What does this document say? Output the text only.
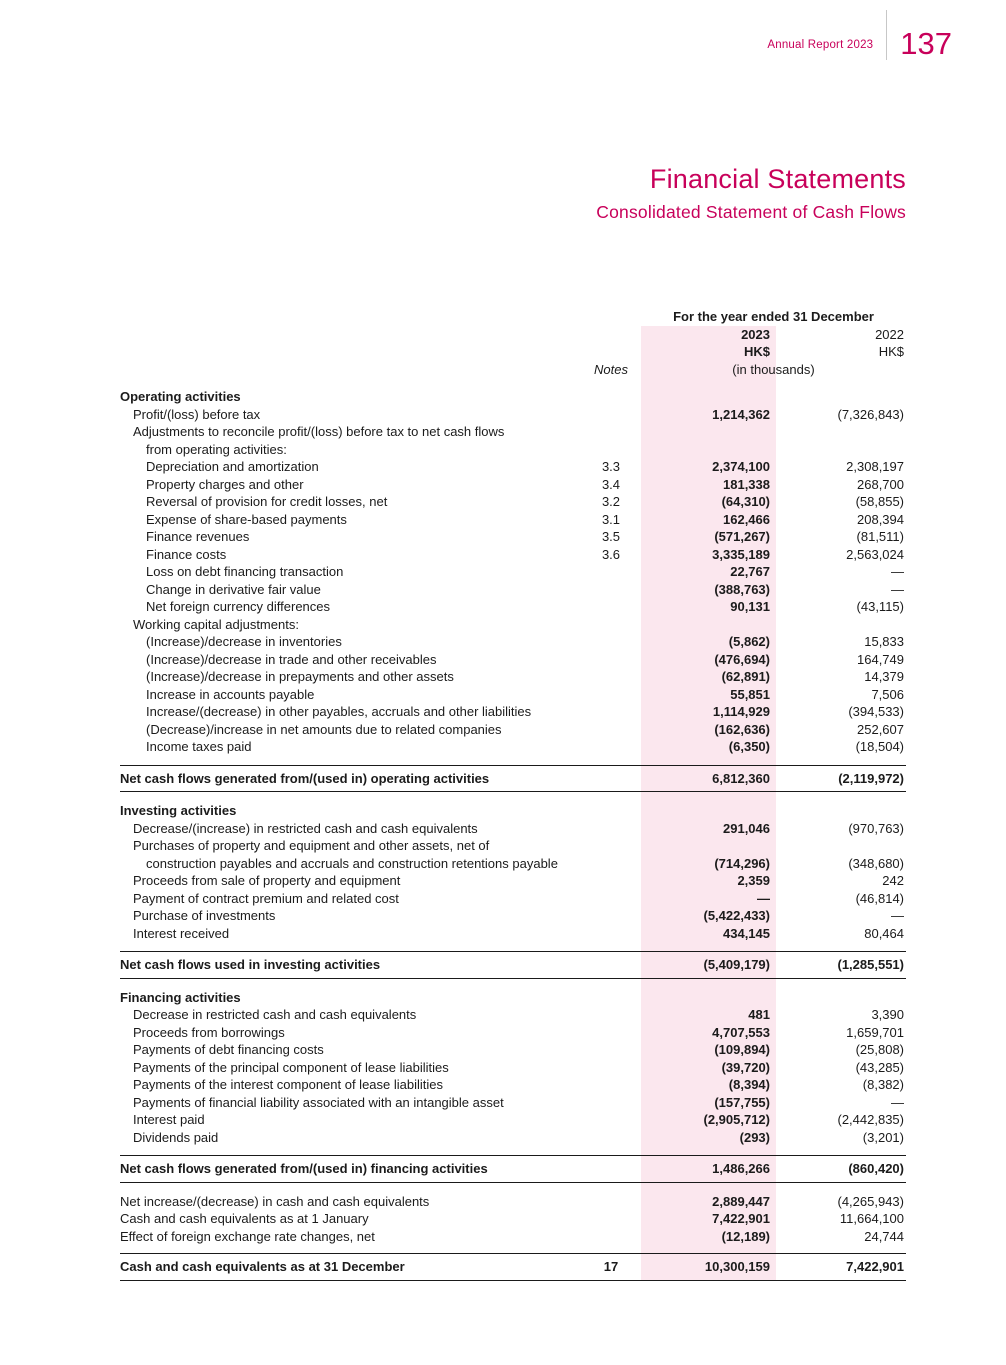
Annual Report 2023 137
Financial Statements
Consolidated Statement of Cash Flows
For the year ended 31 December
2023	2022
HK$	HK$
Notes	(in thousands)
Operating activities
Profit/(loss) before tax	1,214,362	(7,326,843)
Adjustments to reconcile profit/(loss) before tax to net cash flows
from operating activities:
Depreciation and amortization	3.3	2,374,100	2,308,197
Property charges and other	3.4	181,338	268,700
Reversal of provision for credit losses, net	3.2	(64,310)	(58,855)
Expense of share-based payments	3.1	162,466	208,394
Finance revenues	3.5	(571,267)	(81,511)
Finance costs	3.6	3,335,189	2,563,024
Loss on debt financing transaction	22,767	—
Change in derivative fair value	(388,763)	—
Net foreign currency differences	90,131	(43,115)
Working capital adjustments:
(Increase)/decrease in inventories	(5,862)	15,833
(Increase)/decrease in trade and other receivables	(476,694)	164,749
(Increase)/decrease in prepayments and other assets	(62,891)	14,379
Increase in accounts payable	55,851	7,506
Increase/(decrease) in other payables, accruals and other liabilities	1,114,929	(394,533)
(Decrease)/increase in net amounts due to related companies	(162,636)	252,607
Income taxes paid	(6,350)	(18,504)
Net cash flows generated from/(used in) operating activities	6,812,360	(2,119,972)
Investing activities
Decrease/(increase) in restricted cash and cash equivalents	291,046	(970,763)
Purchases of property and equipment and other assets, net of
construction payables and accruals and construction retentions payable	(714,296)	(348,680)
Proceeds from sale of property and equipment	2,359	242
Payment of contract premium and related cost	—	(46,814)
Purchase of investments	(5,422,433)	—
Interest received	434,145	80,464
Net cash flows used in investing activities	(5,409,179)	(1,285,551)
Financing activities
Decrease in restricted cash and cash equivalents	481	3,390
Proceeds from borrowings	4,707,553	1,659,701
Payments of debt financing costs	(109,894)	(25,808)
Payments of the principal component of lease liabilities	(39,720)	(43,285)
Payments of the interest component of lease liabilities	(8,394)	(8,382)
Payments of financial liability associated with an intangible asset	(157,755)	—
Interest paid	(2,905,712)	(2,442,835)
Dividends paid	(293)	(3,201)
Net cash flows generated from/(used in) financing activities	1,486,266	(860,420)
Net increase/(decrease) in cash and cash equivalents	2,889,447	(4,265,943)
Cash and cash equivalents as at 1 January	7,422,901	11,664,100
Effect of foreign exchange rate changes, net	(12,189)	24,744
Cash and cash equivalents as at 31 December	17	10,300,159	7,422,901
